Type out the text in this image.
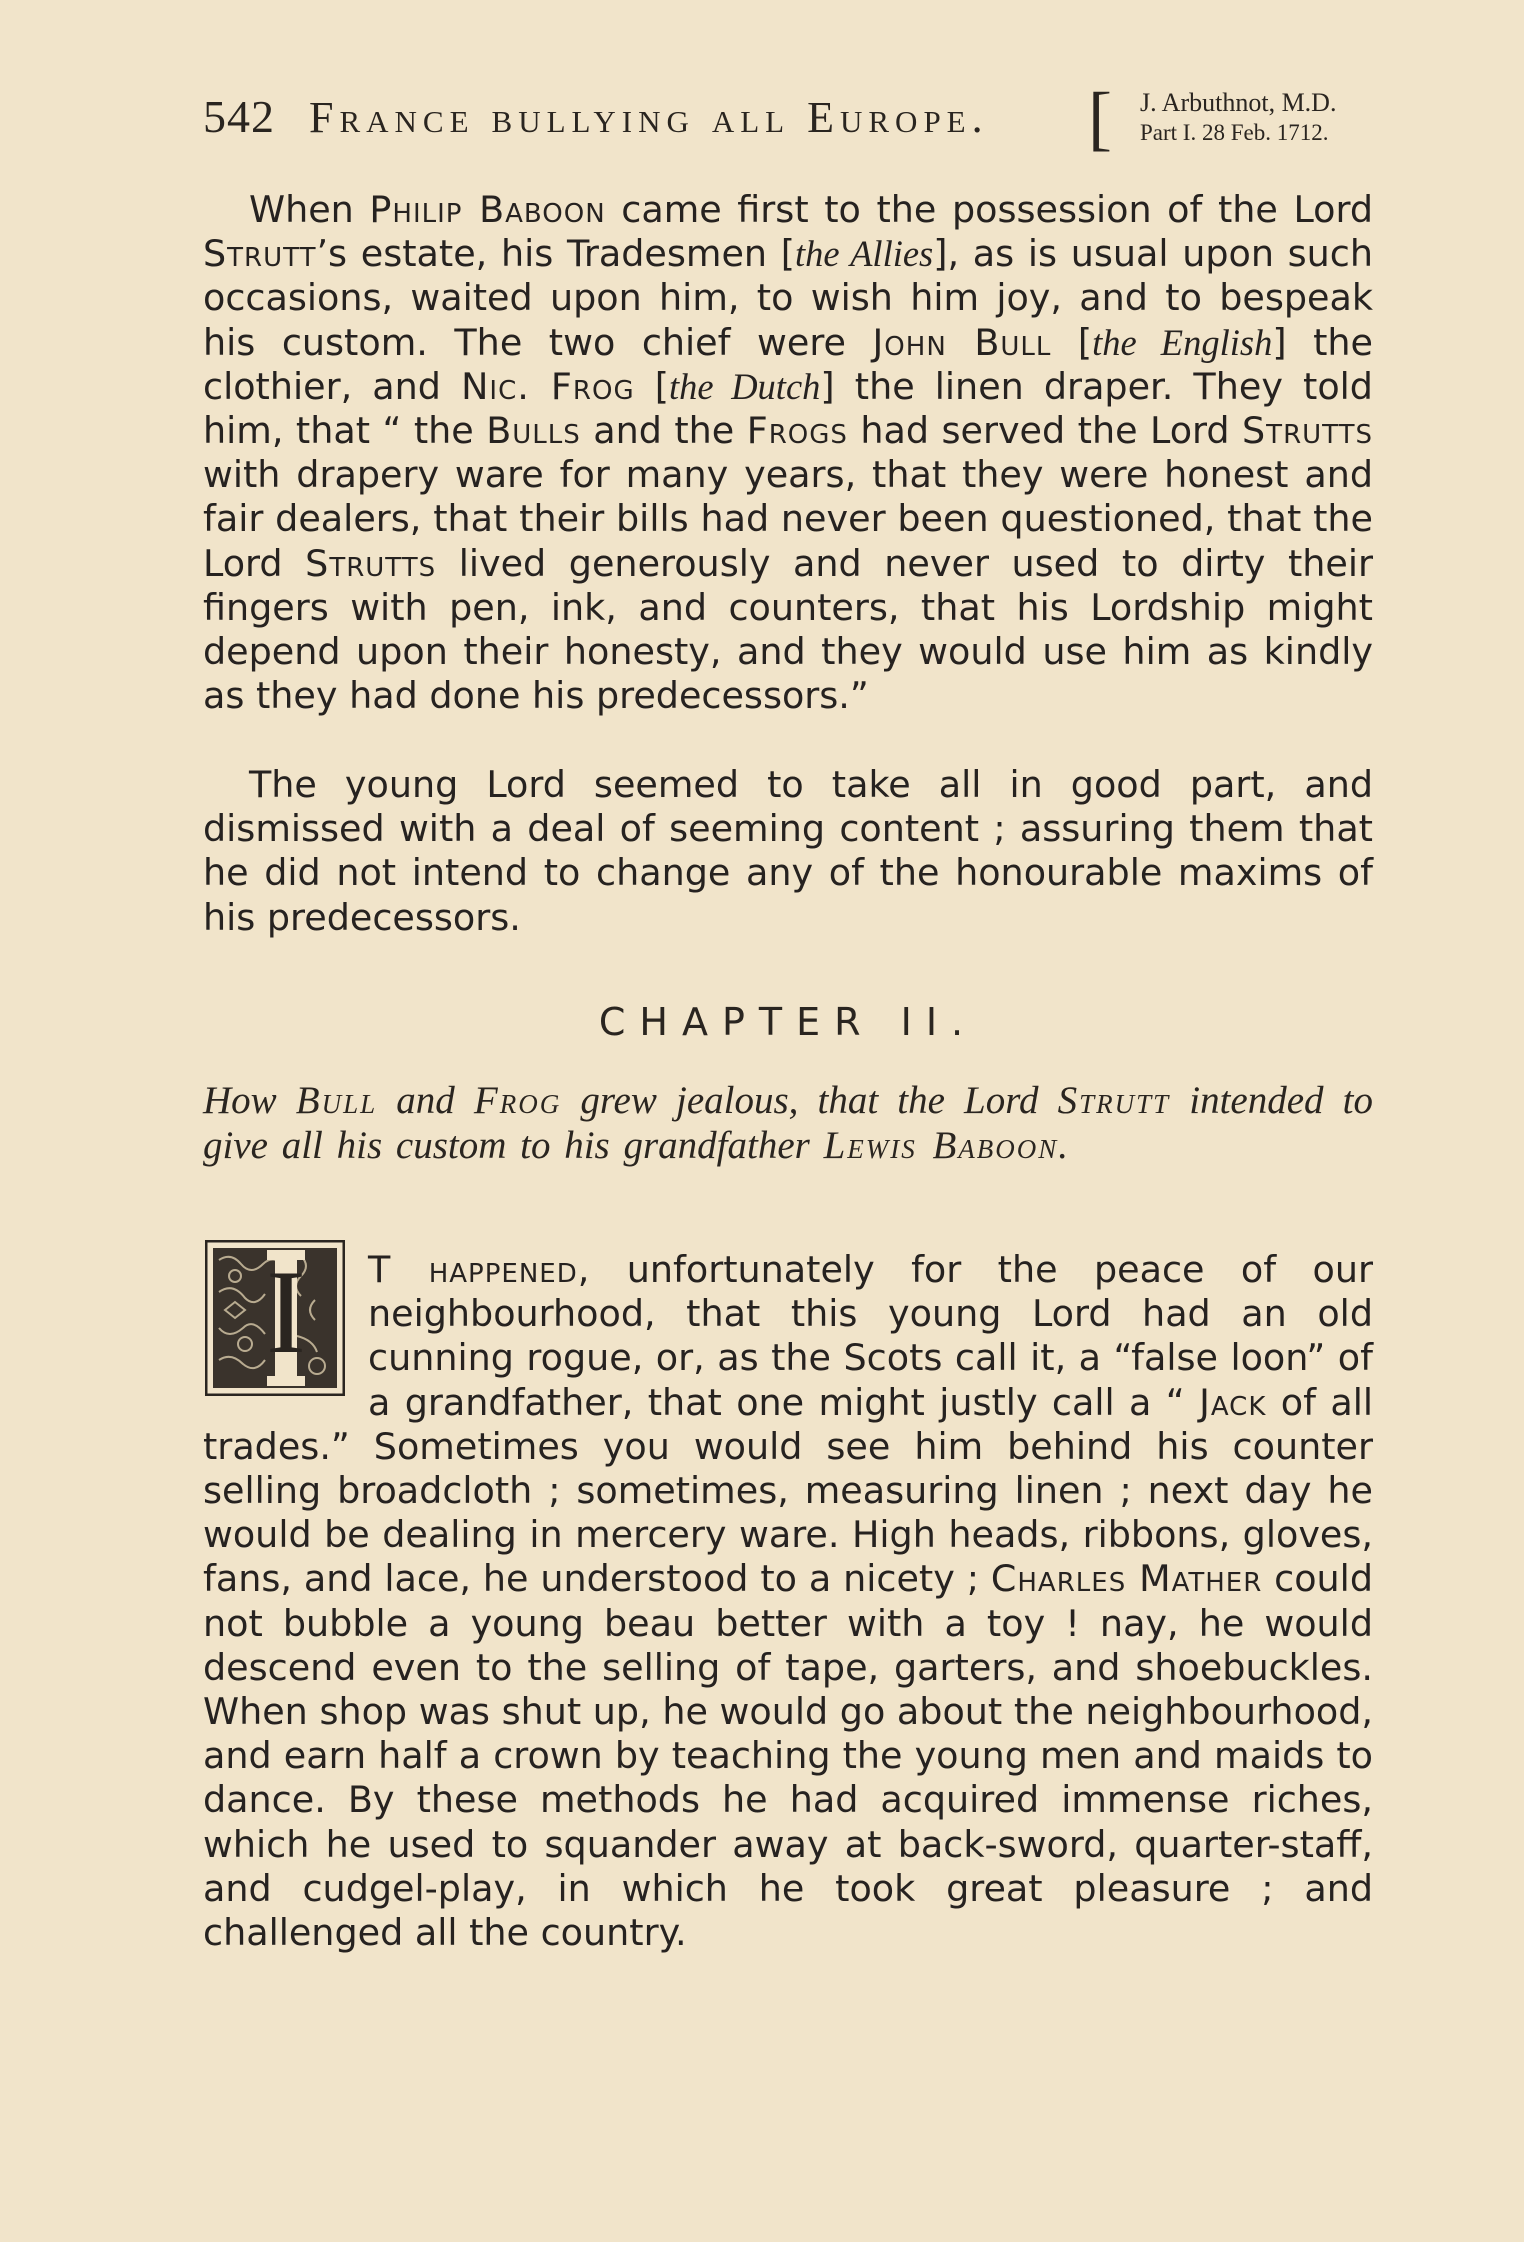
542 France bullying all Europe. [ J. Arbuthnot, M.D.
Part I. 28 Feb. 1712.
When Philip Baboon came first to the possession of the Lord Strutt’s estate, his Tradesmen [the Allies], as is usual upon such occasions, waited upon him, to wish him joy, and to bespeak his custom. The two chief were John Bull [the English] the clothier, and Nic. Frog [the Dutch] the linen draper. They told him, that “ the Bulls and the Frogs had served the Lord Strutts with drapery ware for many years, that they were honest and fair dealers, that their bills had never been questioned, that the Lord Strutts lived generously and never used to dirty their fingers with pen, ink, and counters, that his Lordship might depend upon their honesty, and they would use him as kindly as they had done his predecessors.”
The young Lord seemed to take all in good part, and dismissed with a deal of seeming content ; assuring them that he did not intend to change any of the honourable maxims of his predecessors.
CHAPTER II.
How Bull and Frog grew jealous, that the Lord Strutt intended to give all his custom to his grandfather Lewis Baboon.
I	T happened, unfortunately for the peace of our neighbourhood, that this young Lord had an old cunning rogue, or, as the Scots call it, a “false loon” of a grandfather, that one might justly call a “ Jack of all trades.” Sometimes you would see him behind his counter selling broadcloth ; sometimes, measuring linen ; next day he would be dealing in mercery ware. High heads, ribbons, gloves, fans, and lace, he understood to a nicety ; Charles Mather could not bubble a young beau better with a toy ! nay, he would descend even to the selling of tape, garters, and shoebuckles. When shop was shut up, he would go about the neighbourhood, and earn half a crown by teaching the young men and maids to dance. By these methods he had acquired immense riches, which he used to squander away at back-sword, quarter-staff, and cudgel-play, in which he took great pleasure ; and challenged all the country.
